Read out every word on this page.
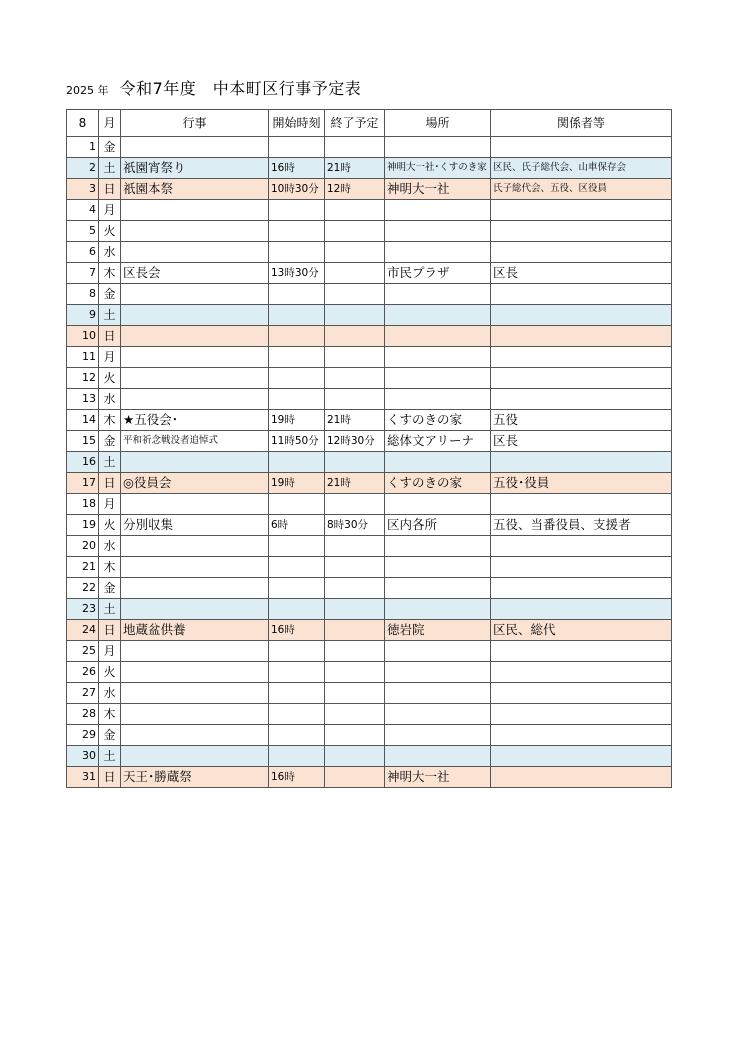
2025 年 令和7年度　中本町区行事予定表
8	月	行事	開始時刻	終了予定	場所	関係者等
1	金					
2	土	祇園宵祭り	16時	21時	神明大一社･くすのき家	区民、氏子総代会、山車保存会
3	日	祇園本祭	10時30分	12時	神明大一社	氏子総代会、五役、区役員
4	月					
5	火					
6	水					
7	木	区長会	13時30分		市民プラザ	区長
8	金					
9	土					
10	日					
11	月					
12	火					
13	水					
14	木	★五役会･	19時	21時	くすのきの家	五役
15	金	平和祈念戦没者追悼式	11時50分	12時30分	総体文アリーナ	区長
16	土					
17	日	◎役員会	19時	21時	くすのきの家	五役･役員
18	月					
19	火	分別収集	6時	8時30分	区内各所	五役、当番役員、支援者
20	水					
21	木					
22	金					
23	土					
24	日	地蔵盆供養	16時		徳岩院	区民、総代
25	月					
26	火					
27	水					
28	木					
29	金					
30	土					
31	日	天王･勝蔵祭	16時		神明大一社	
